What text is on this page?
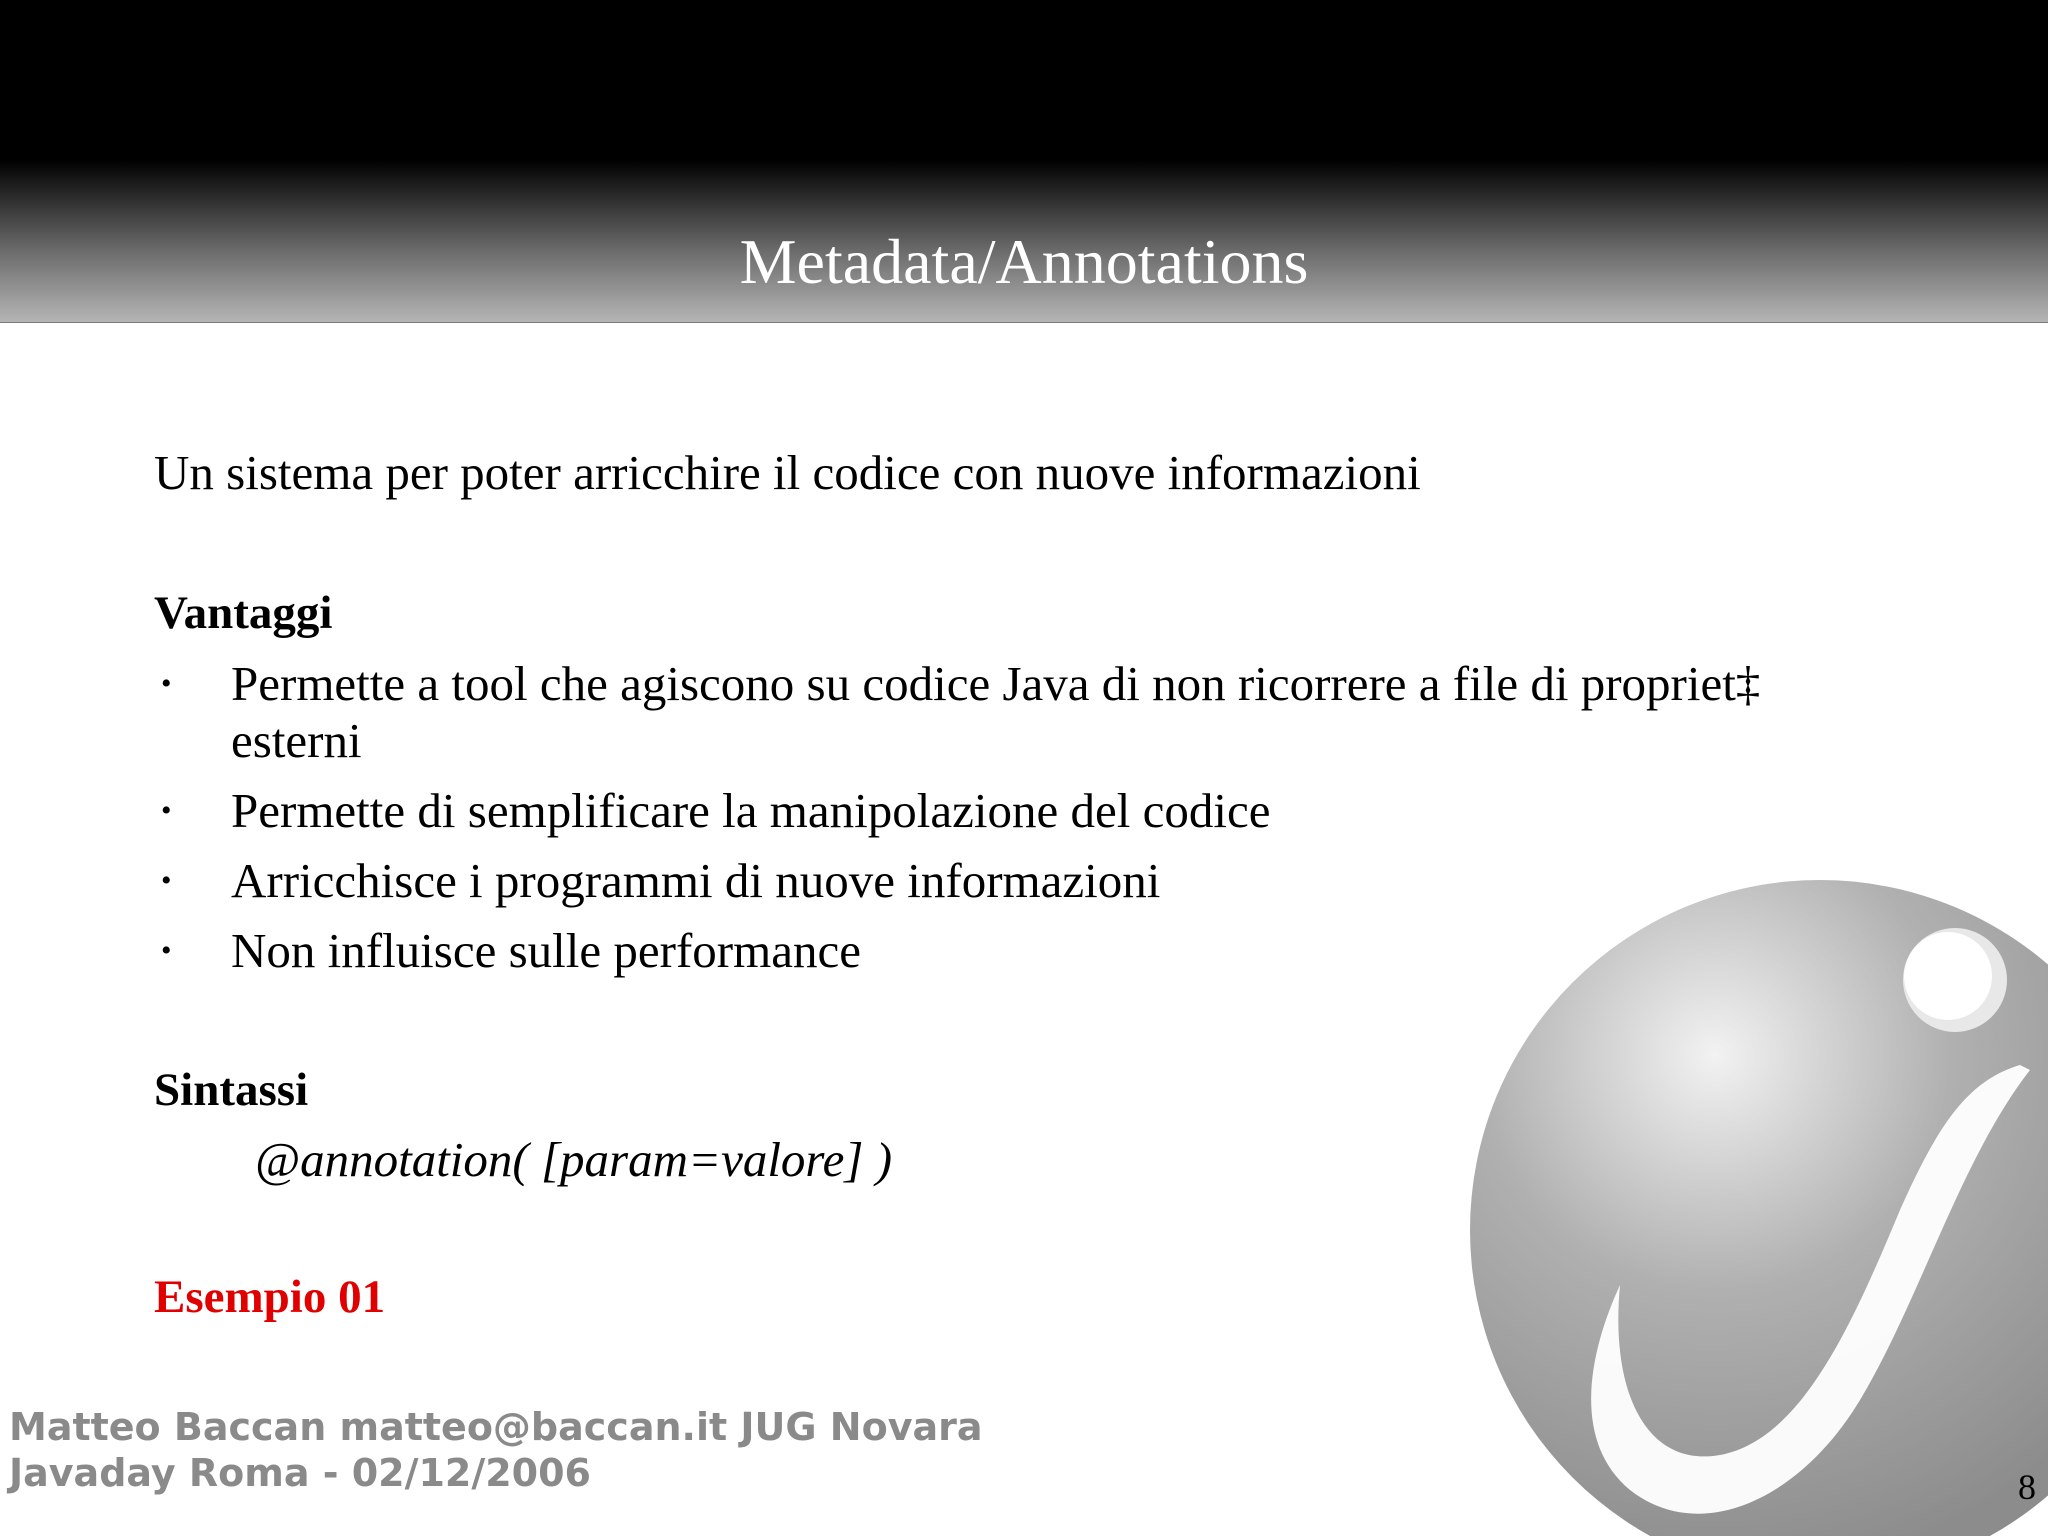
Metadata/Annotations
Un sistema per poter arricchire il codice con nuove informazioni
Vantaggi
• Permette a tool che agiscono su codice Java di non ricorrere a file di propriet‡ esterni
• Permette di semplificare la manipolazione del codice
• Arricchisce i programmi di nuove informazioni
• Non influisce sulle performance
Sintassi
@annotation( [param=valore] )
Esempio 01
Matteo Baccan matteo@baccan.it JUG Novara
Javaday Roma - 02/12/2006	8
